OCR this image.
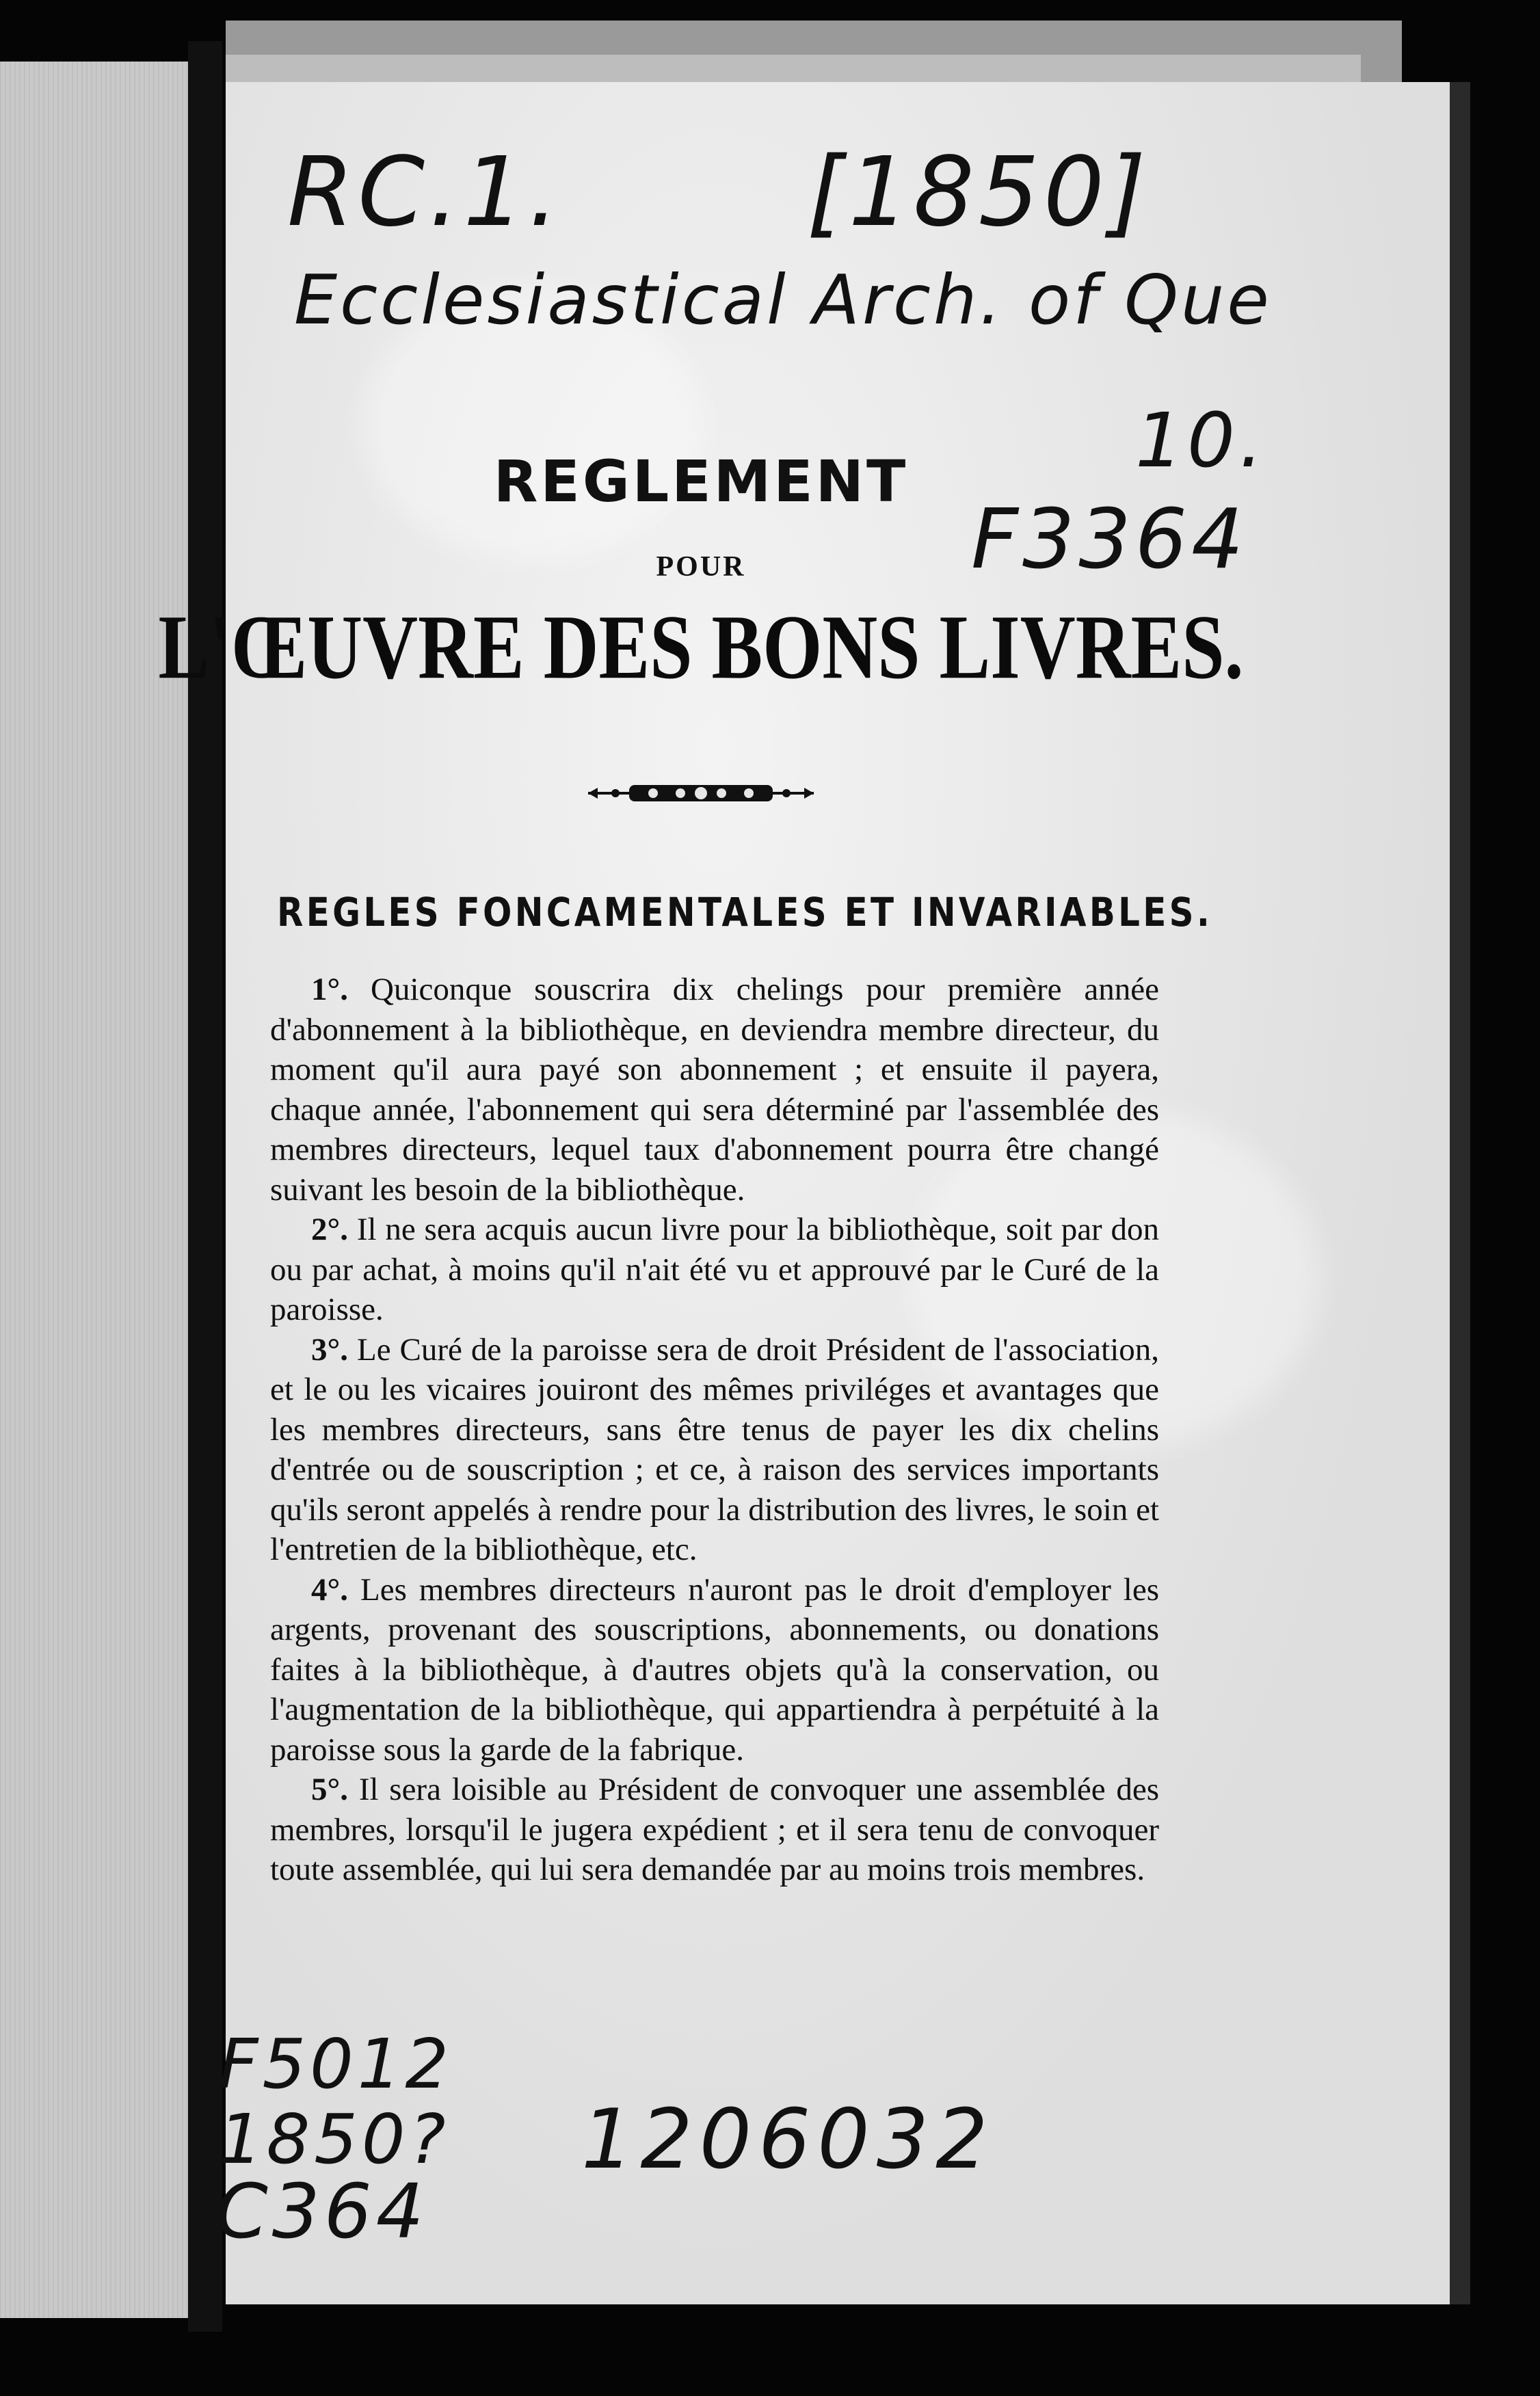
RC.1.	[1850]
Ecclesiastical Arch. of Que
10.
F3364
F5012
1850?
C364
1206032
REGLEMENT
POUR
L'ŒUVRE DES BONS LIVRES.
REGLES FONCAMENTALES ET INVARIABLES.

1°. Quiconque souscrira dix chelings pour première année d'abonnement à la bibliothèque, en deviendra membre directeur, du moment qu'il aura payé son abonnement ; et ensuite il payera, chaque année, l'abonnement qui sera déterminé par l'assemblée des membres directeurs, lequel taux d'abonnement pourra être changé suivant les besoin de la bibliothèque.

2°. Il ne sera acquis aucun livre pour la bibliothèque, soit par don ou par achat, à moins qu'il n'ait été vu et approuvé par le Curé de la paroisse.

3°. Le Curé de la paroisse sera de droit Président de l'association, et le ou les vicaires jouiront des mêmes priviléges et avantages que les membres directeurs, sans être tenus de payer les dix chelins d'entrée ou de souscription ; et ce, à raison des services importants qu'ils seront appelés à rendre pour la distribution des livres, le soin et l'entretien de la bibliothèque, etc.

4°. Les membres directeurs n'auront pas le droit d'employer les argents, provenant des souscriptions, abonnements, ou donations faites à la bibliothèque, à d'autres objets qu'à la conservation, ou l'augmentation de la bibliothèque, qui appartiendra à perpétuité à la paroisse sous la garde de la fabrique.

5°. Il sera loisible au Président de convoquer une assemblée des membres, lorsqu'il le jugera expédient ; et il sera tenu de convoquer toute assemblée, qui lui sera demandée par au moins trois membres.
